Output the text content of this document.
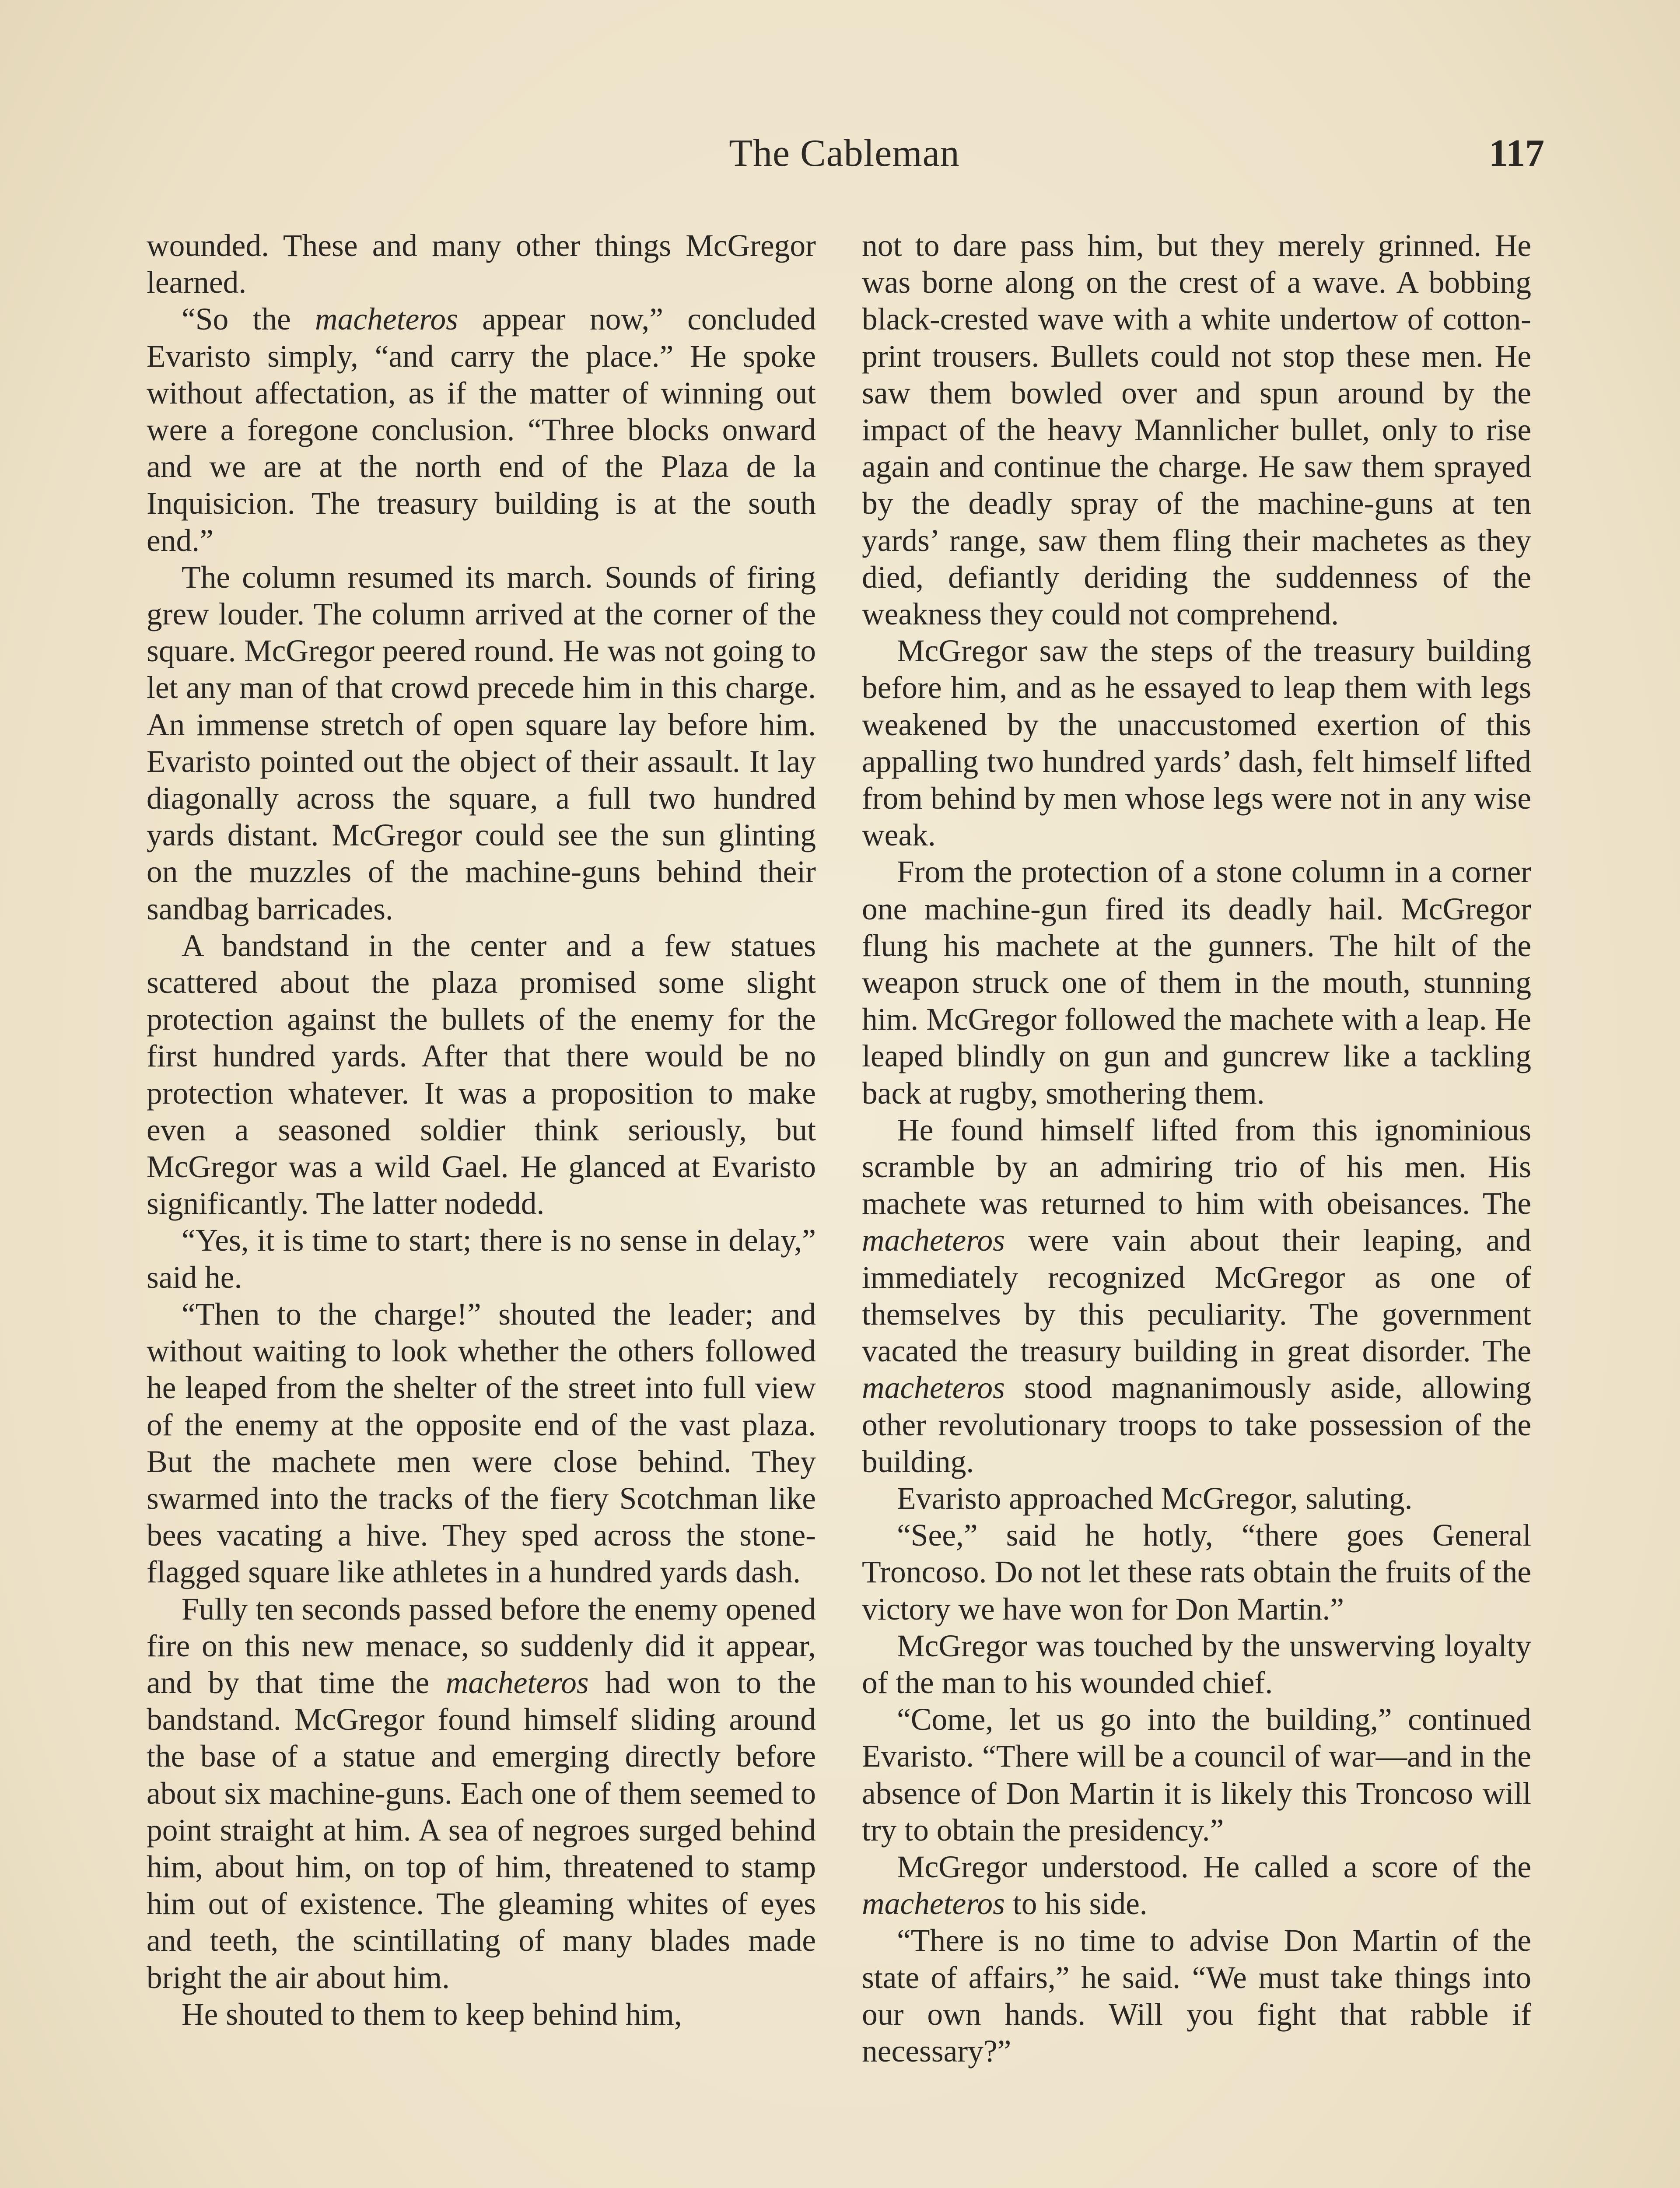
The Cableman	117

wounded. These and many other things McGregor learned.

“So the macheteros appear now,” concluded Evaristo simply, “and carry the place.” He spoke without affectation, as if the matter of winning out were a foregone conclusion. “Three blocks onward and we are at the north end of the Plaza de la Inquisicion. The treasury building is at the south end.”

The column resumed its march. Sounds of firing grew louder. The column arrived at the corner of the square. McGregor peered round. He was not going to let any man of that crowd precede him in this charge. An immense stretch of open square lay before him. Evaristo pointed out the object of their assault. It lay diagonally across the square, a full two hundred yards distant. McGregor could see the sun glinting on the muzzles of the machine-guns behind their sandbag barricades.

A bandstand in the center and a few statues scattered about the plaza promised some slight protection against the bullets of the enemy for the first hundred yards. After that there would be no protection whatever. It was a proposition to make even a seasoned soldier think seriously, but McGregor was a wild Gael. He glanced at Evaristo significantly. The latter nodedd.

“Yes, it is time to start; there is no sense in delay,” said he.

“Then to the charge!” shouted the leader; and without waiting to look whether the others followed he leaped from the shelter of the street into full view of the enemy at the opposite end of the vast plaza. But the machete men were close behind. They swarmed into the tracks of the fiery Scotchman like bees vacating a hive. They sped across the stone-flagged square like athletes in a hundred yards dash.

Fully ten seconds passed before the enemy opened fire on this new menace, so suddenly did it appear, and by that time the macheteros had won to the bandstand. McGregor found himself sliding around the base of a statue and emerging directly before about six machine-guns. Each one of them seemed to point straight at him. A sea of negroes surged behind him, about him, on top of him, threatened to stamp him out of existence. The gleaming whites of eyes and teeth, the scintillating of many blades made bright the air about him.

He shouted to them to keep behind him,

not to dare pass him, but they merely grinned. He was borne along on the crest of a wave. A bobbing black-crested wave with a white undertow of cotton-print trousers. Bullets could not stop these men. He saw them bowled over and spun around by the impact of the heavy Mannlicher bullet, only to rise again and continue the charge. He saw them sprayed by the deadly spray of the machine-guns at ten yards’ range, saw them fling their machetes as they died, defiantly deriding the suddenness of the weakness they could not comprehend.

McGregor saw the steps of the treasury building before him, and as he essayed to leap them with legs weakened by the unaccustomed exertion of this appalling two hundred yards’ dash, felt himself lifted from behind by men whose legs were not in any wise weak.

From the protection of a stone column in a corner one machine-gun fired its deadly hail. McGregor flung his machete at the gunners. The hilt of the weapon struck one of them in the mouth, stunning him. McGregor followed the machete with a leap. He leaped blindly on gun and guncrew like a tackling back at rugby, smothering them.

He found himself lifted from this ignominious scramble by an admiring trio of his men. His machete was returned to him with obeisances. The macheteros were vain about their leaping, and immediately recognized McGregor as one of themselves by this peculiarity. The government vacated the treasury building in great disorder. The macheteros stood magnanimously aside, allowing other revolutionary troops to take possession of the building.

Evaristo approached McGregor, saluting.

“See,” said he hotly, “there goes General Troncoso. Do not let these rats obtain the fruits of the victory we have won for Don Martin.”

McGregor was touched by the unswerving loyalty of the man to his wounded chief.

“Come, let us go into the building,” continued Evaristo. “There will be a council of war—and in the absence of Don Martin it is likely this Troncoso will try to obtain the presidency.”

McGregor understood. He called a score of the macheteros to his side.

“There is no time to advise Don Martin of the state of affairs,” he said. “We must take things into our own hands. Will you fight that rabble if necessary?”
